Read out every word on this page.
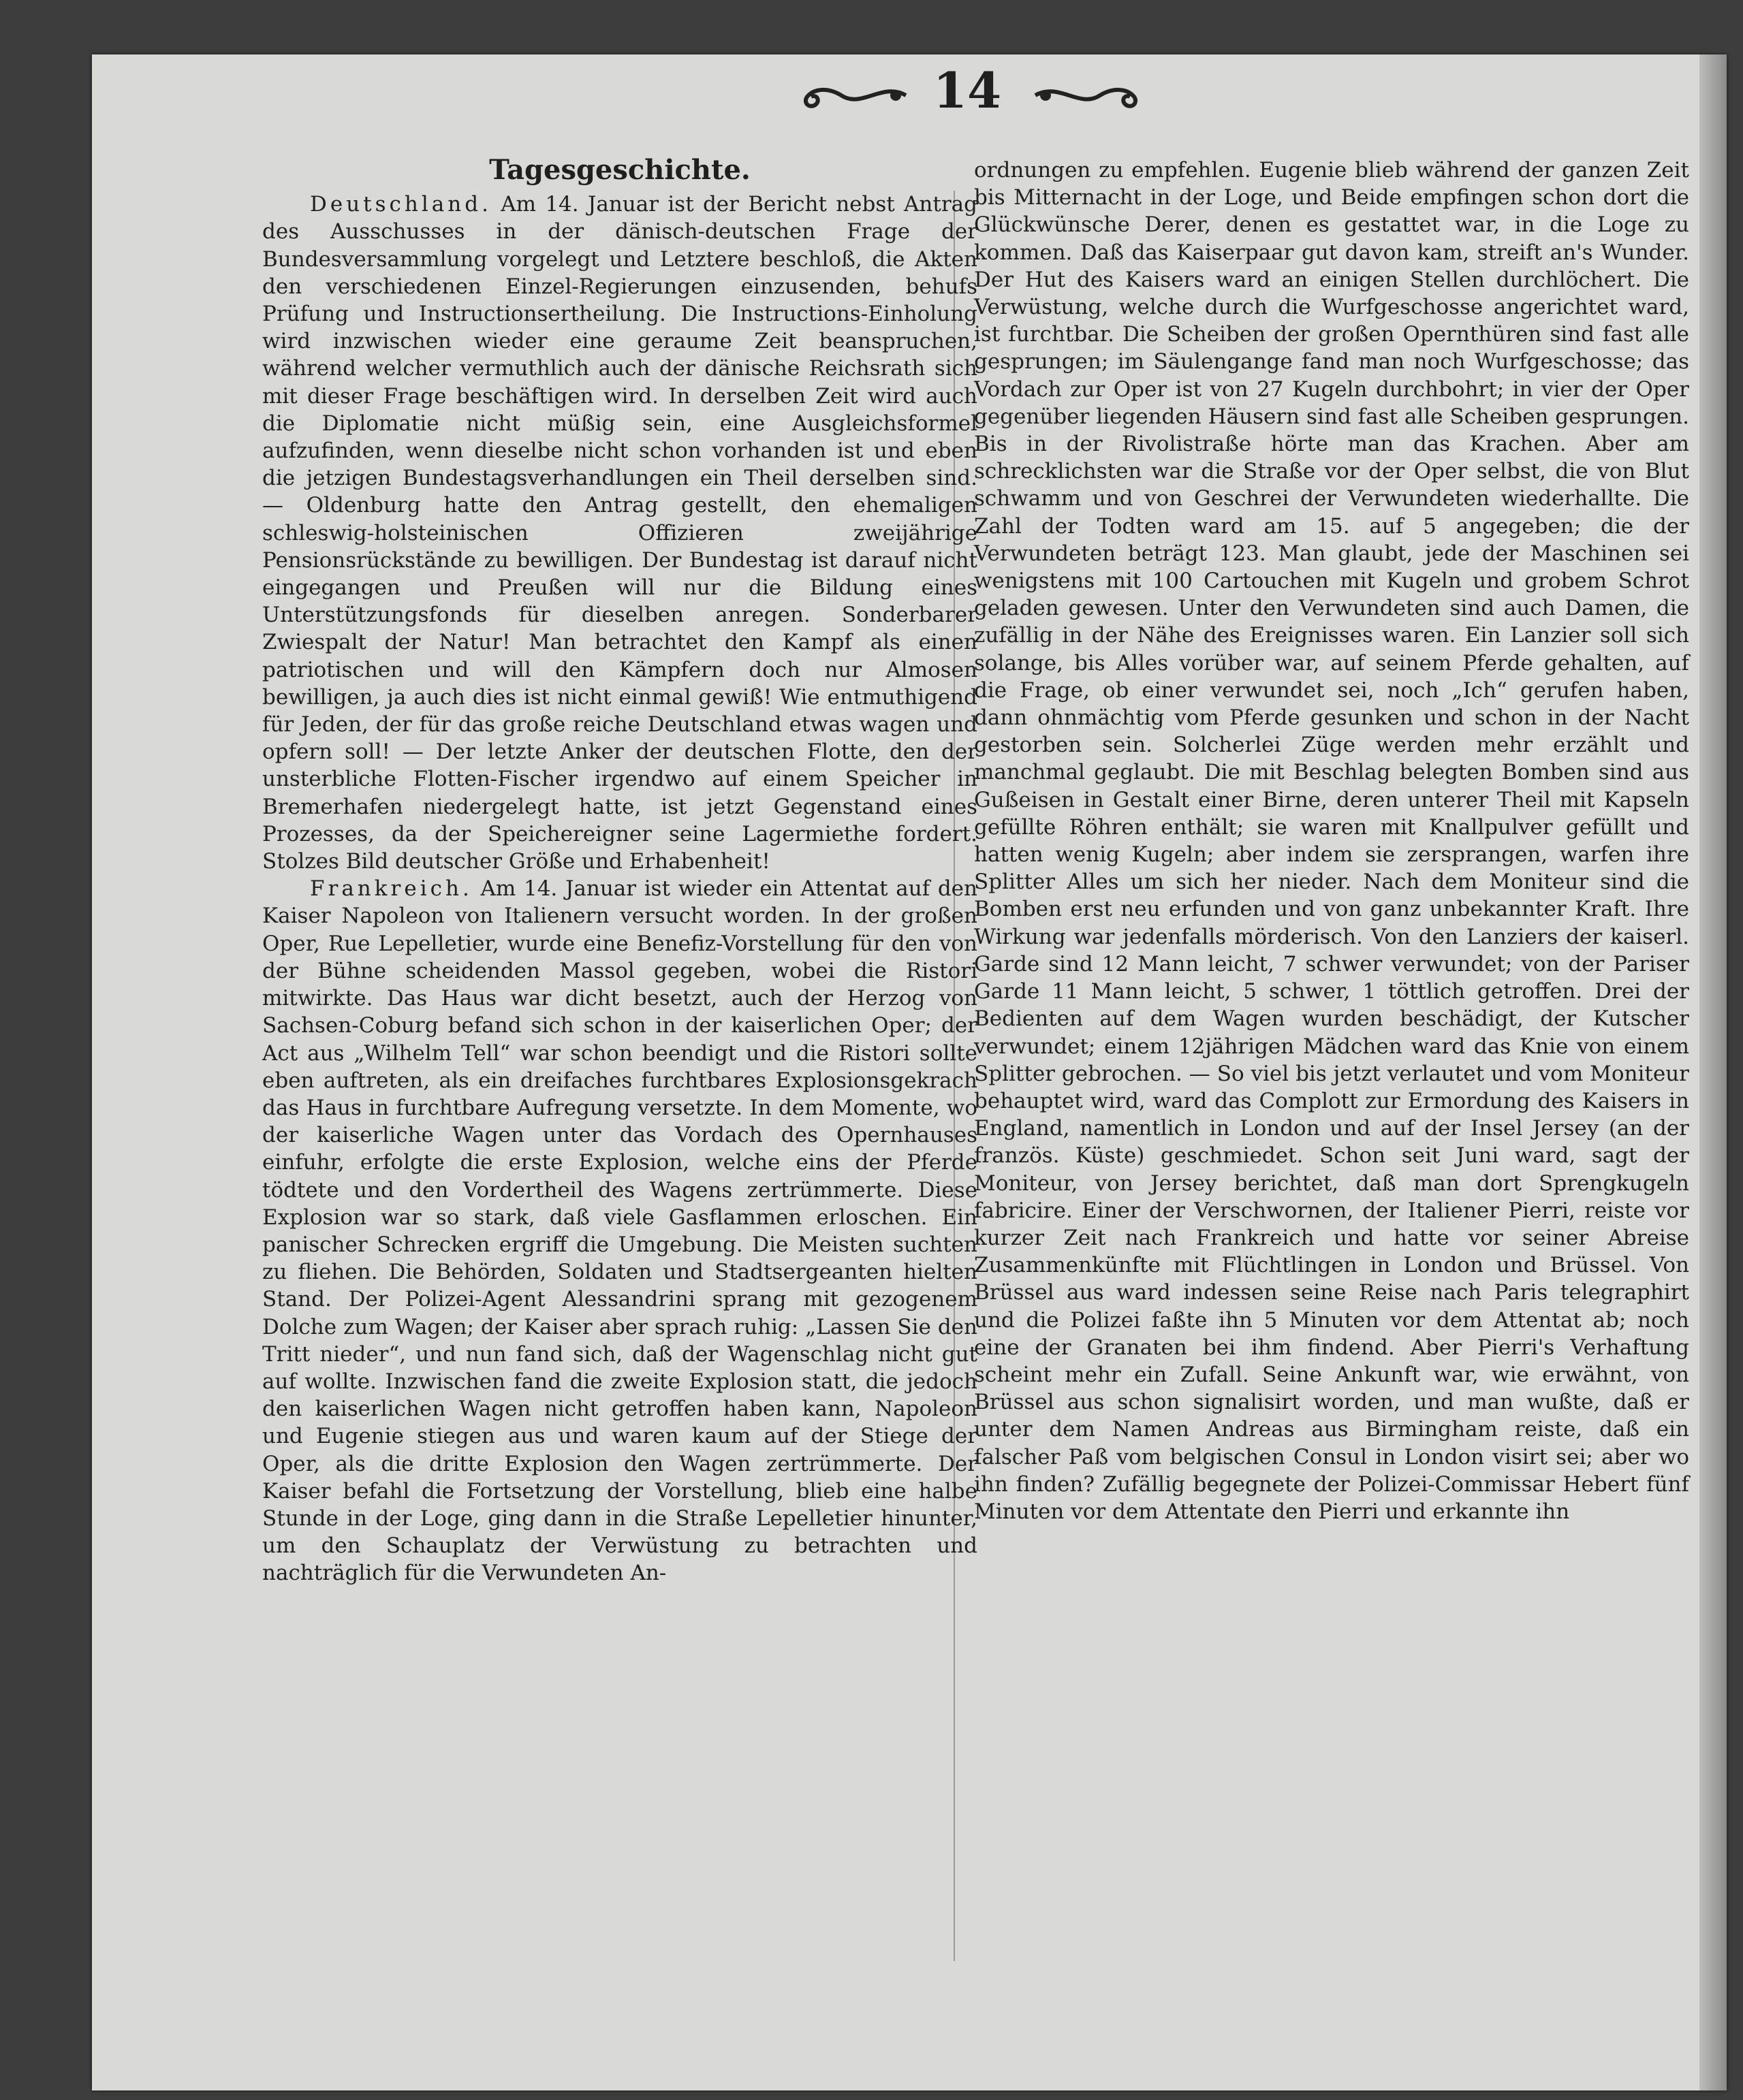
14
Tagesgeschichte.

Deutschland. Am 14. Januar ist der Bericht nebst Antrag des Ausschusses in der dänisch-deutschen Frage der Bundesversammlung vorgelegt und Letztere beschloß, die Akten den verschiedenen Einzel-Regierungen einzusenden, behufs Prüfung und Instructionsertheilung. Die Instructions-Einholung wird inzwischen wieder eine geraume Zeit beanspruchen, während welcher vermuthlich auch der dänische Reichsrath sich mit dieser Frage beschäftigen wird. In derselben Zeit wird auch die Diplomatie nicht müßig sein, eine Ausgleichsformel aufzufinden, wenn dieselbe nicht schon vorhanden ist und eben die jetzigen Bundestagsverhandlungen ein Theil derselben sind. — Oldenburg hatte den Antrag gestellt, den ehemaligen schleswig-holsteinischen Offizieren zweijährige Pensionsrückstände zu bewilligen. Der Bundestag ist darauf nicht eingegangen und Preußen will nur die Bildung eines Unterstützungsfonds für dieselben anregen. Sonderbarer Zwiespalt der Natur! Man betrachtet den Kampf als einen patriotischen und will den Kämpfern doch nur Almosen bewilligen, ja auch dies ist nicht einmal gewiß! Wie entmuthigend für Jeden, der für das große reiche Deutschland etwas wagen und opfern soll! — Der letzte Anker der deutschen Flotte, den der unsterbliche Flotten-Fischer irgendwo auf einem Speicher in Bremerhafen niedergelegt hatte, ist jetzt Gegenstand eines Prozesses, da der Speichereigner seine Lagermiethe fordert. Stolzes Bild deutscher Größe und Erhabenheit!

Frankreich. Am 14. Januar ist wieder ein Attentat auf den Kaiser Napoleon von Italienern versucht worden. In der großen Oper, Rue Lepelletier, wurde eine Benefiz-Vorstellung für den von der Bühne scheidenden Massol gegeben, wobei die Ristori mitwirkte. Das Haus war dicht besetzt, auch der Herzog von Sachsen-Coburg befand sich schon in der kaiserlichen Oper; der Act aus „Wilhelm Tell“ war schon beendigt und die Ristori sollte eben auftreten, als ein dreifaches furchtbares Explosionsgekrach das Haus in furchtbare Aufregung versetzte. In dem Momente, wo der kaiserliche Wagen unter das Vordach des Opernhauses einfuhr, erfolgte die erste Explosion, welche eins der Pferde tödtete und den Vordertheil des Wagens zertrümmerte. Diese Explosion war so stark, daß viele Gasflammen erloschen. Ein panischer Schrecken ergriff die Umgebung. Die Meisten suchten zu fliehen. Die Behörden, Soldaten und Stadtsergeanten hielten Stand. Der Polizei-Agent Alessandrini sprang mit gezogenem Dolche zum Wagen; der Kaiser aber sprach ruhig: „Lassen Sie den Tritt nieder“, und nun fand sich, daß der Wagenschlag nicht gut auf wollte. Inzwischen fand die zweite Explosion statt, die jedoch den kaiserlichen Wagen nicht getroffen haben kann, Napoleon und Eugenie stiegen aus und waren kaum auf der Stiege der Oper, als die dritte Explosion den Wagen zertrümmerte. Der Kaiser befahl die Fortsetzung der Vorstellung, blieb eine halbe Stunde in der Loge, ging dann in die Straße Lepelletier hinunter, um den Schauplatz der Verwüstung zu betrachten und nachträglich für die Verwundeten An-

ordnungen zu empfehlen. Eugenie blieb während der ganzen Zeit bis Mitternacht in der Loge, und Beide empfingen schon dort die Glückwünsche Derer, denen es gestattet war, in die Loge zu kommen. Daß das Kaiserpaar gut davon kam, streift an's Wunder. Der Hut des Kaisers ward an einigen Stellen durchlöchert. Die Verwüstung, welche durch die Wurfgeschosse angerichtet ward, ist furchtbar. Die Scheiben der großen Opernthüren sind fast alle gesprungen; im Säulengange fand man noch Wurfgeschosse; das Vordach zur Oper ist von 27 Kugeln durchbohrt; in vier der Oper gegenüber liegenden Häusern sind fast alle Scheiben gesprungen. Bis in der Rivolistraße hörte man das Krachen. Aber am schrecklichsten war die Straße vor der Oper selbst, die von Blut schwamm und von Geschrei der Verwundeten wiederhallte. Die Zahl der Todten ward am 15. auf 5 angegeben; die der Verwundeten beträgt 123. Man glaubt, jede der Maschinen sei wenigstens mit 100 Cartouchen mit Kugeln und grobem Schrot geladen gewesen. Unter den Verwundeten sind auch Damen, die zufällig in der Nähe des Ereignisses waren. Ein Lanzier soll sich solange, bis Alles vorüber war, auf seinem Pferde gehalten, auf die Frage, ob einer verwundet sei, noch „Ich“ gerufen haben, dann ohnmächtig vom Pferde gesunken und schon in der Nacht gestorben sein. Solcherlei Züge werden mehr erzählt und manchmal geglaubt. Die mit Beschlag belegten Bomben sind aus Gußeisen in Gestalt einer Birne, deren unterer Theil mit Kapseln gefüllte Röhren enthält; sie waren mit Knallpulver gefüllt und hatten wenig Kugeln; aber indem sie zersprangen, warfen ihre Splitter Alles um sich her nieder. Nach dem Moniteur sind die Bomben erst neu erfunden und von ganz unbekannter Kraft. Ihre Wirkung war jedenfalls mörderisch. Von den Lanziers der kaiserl. Garde sind 12 Mann leicht, 7 schwer verwundet; von der Pariser Garde 11 Mann leicht, 5 schwer, 1 töttlich getroffen. Drei der Bedienten auf dem Wagen wurden beschädigt, der Kutscher verwundet; einem 12jährigen Mädchen ward das Knie von einem Splitter gebrochen. — So viel bis jetzt verlautet und vom Moniteur behauptet wird, ward das Complott zur Ermordung des Kaisers in England, namentlich in London und auf der Insel Jersey (an der französ. Küste) geschmiedet. Schon seit Juni ward, sagt der Moniteur, von Jersey berichtet, daß man dort Sprengkugeln fabricire. Einer der Verschwornen, der Italiener Pierri, reiste vor kurzer Zeit nach Frankreich und hatte vor seiner Abreise Zusammenkünfte mit Flüchtlingen in London und Brüssel. Von Brüssel aus ward indessen seine Reise nach Paris telegraphirt und die Polizei faßte ihn 5 Minuten vor dem Attentat ab; noch eine der Granaten bei ihm findend. Aber Pierri's Verhaftung scheint mehr ein Zufall. Seine Ankunft war, wie erwähnt, von Brüssel aus schon signalisirt worden, und man wußte, daß er unter dem Namen Andreas aus Birmingham reiste, daß ein falscher Paß vom belgischen Consul in London visirt sei; aber wo ihn finden? Zufällig begegnete der Polizei-Commissar Hebert fünf Minuten vor dem Attentate den Pierri und erkannte ihn
